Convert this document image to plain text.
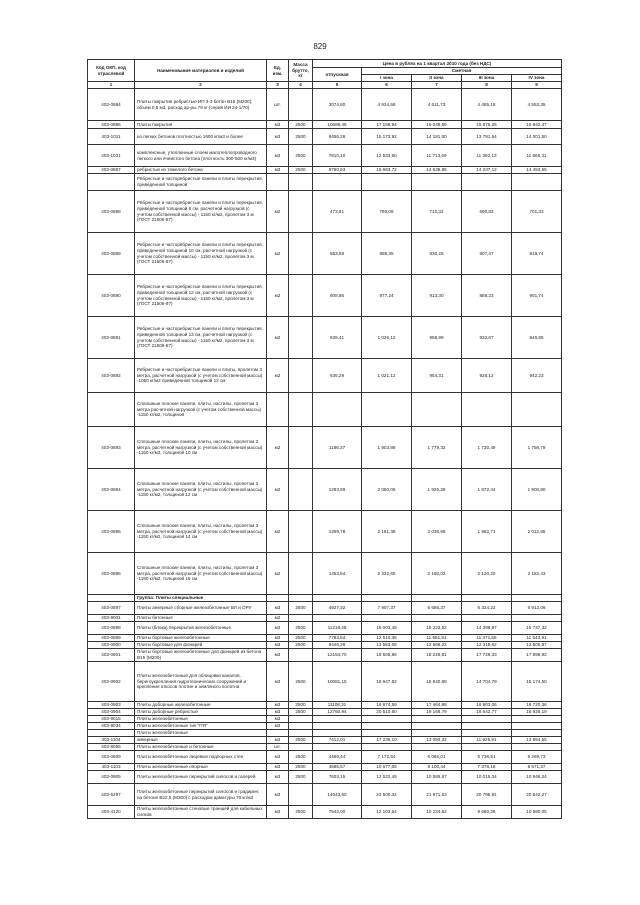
829
Код ОКП, код отраслевой	Наименование материалов и изделий	Ед. изм.	Масса брутто, кг	Цена в рублях на 1 квартал 2010 года (без НДС)				
				отпускная	Сметная			
					I зона	II зона	III зона	IV зона
1	2	3	4	5	6	7	8	9
403-0884	Плиты покрытия ребристые ИП 3-3 бетон В15 (М200), объем 0,6 м3, расход ар-ры 78 кг (серия ИИ 24-1/70)	шт.		3074,80	4 934,58	4 611,73	4 485,18	4 553,35
403-0886	Плиты покрытия	м3	2500	10698,48	17 158,94	16 048,59	15 675,25	15 842,47
403-1011	из легких бетонов плотностью 1600 кг/м3 и более	м3	2500	9456,26	15 173,92	14 181,00	13 791,64	14 001,50
403-1031	комплексные, утепленные слоем малотеплопроводного легкого или ячеистого бетона (плотность 300-500 кг/м3)	м3	2500	7810,10	12 533,60	11 713,59	11 392,13	11 565,31
403-0887	ребристые из тяжелого бетона	м3	2500	9760,53	15 663,72	14 636,85	14 237,12	14 453,55
	Ребристые и часторебристые панели и плиты перекрытия, приведенной толщиной							
403-0888	Ребристые и часторебристые панели и плиты перекрытия, приведенной толщиной 8 см, расчетной нагрузкой (с учетом собственной массы) - 1150 кг/м2, пролетом 3 м (ГОСТ 21506-87)	м2		473,81	760,06	710,32	690,83	701,33
403-0889	Ребристые и часторебристые панели и плиты перекрытия, приведенной толщиной 10 см, расчетной нагрузкой (с учетом собственной массы) - 1150 кг/м2, пролетом 3 м (ГОСТ 21506-87)	м2		553,58	888,35	830,25	807,47	819,74
403-0890	Ребристые и часторебристые панели и плиты перекрытия, приведенной толщиной 12 см, расчетной нагрузкой (с учетом собственной массы) - 1150 кг/м2, пролетом 3 м (ГОСТ 21506-87)	м2		608,95	977,24	913,30	888,23	901,74
403-0891	Ребристые и часторебристые панели и плиты перекрытия, приведенной толщиной 13 см, расчетной нагрузкой (с учетом собственной массы) - 1150 кг/м2, пролетом 3 м (ГОСТ 21506-87)	м2		639,41	1 026,12	958,99	932,67	946,85
403-0892	Ребристые и часторебристые панели и плиты, пролетом 3 метра, расчетной нагрузкой (с учетом собственной массы) -1050 кг/м2 приведенной толщиной 12 см	м2		636,29	1 021,12	954,31	928,12	942,23
	Сплошные плоские панели, плиты, настилы, пролетом 3 метра расчетной нагрузкой (с учетом собственной массы) -1150 кг/м2, толщиной							
403-0893	Сплошные плоские панели, плиты, настилы, пролетом 3 метра, расчетной нагрузкой (с учетом собственной массы) -1150 кг/м2, толщиной 10 см	м2		1186,37	1 903,89	1 779,32	1 730,49	1 756,79
403-0894	Сплошные плоские панели, плиты, настилы, пролетом 3 метра, расчетной нагрузкой (с учетом собственной массы) -1150 кг/м2, толщиной 12 см	м2		1283,69	2 060,06	1 925,28	1 872,44	1 900,90
403-0895	Сплошные плоские панели, плиты, настилы, пролетом 3 метра, расчетной нагрузкой (с учетом собственной массы) -1150 кг/м2, толщиной 14 см	м2		1359,78	2 181,38	2 038,65	1 982,71	2 012,85
403-0896	Сплошные плоские панели, плиты, настилы, пролетом 3 метра, расчетной нагрузкой (с учетом собственной массы) -1150 кг/м2, толщиной 16 см	м2		1453,54	2 332,65	2 180,02	2 120,20	2 152,43
	Группа: Плиты специальные							
403-0897	Плиты анкерные сборные железобетонные ВЛ и ОРУ	м3	2500	4927,32	7 907,37	6 686,37	6 324,22	6 912,06
403-9001	Плиты бетонные	м2						
403-0898	Плиты (блоки) перекрытия железобетонные	м3	2500	11218,48	18 003,45	15 223,52	14 398,97	15 737,32
403-0899	Плиты бортовые железобетонные	м3	2500	7793,54	12 510,46	11 691,91	11 371,55	11 543,91
403-0900	Плиты бортовые для фонарей	м3	2500	8446,28	13 553,08	12 666,22	12 318,62	12 505,87
403-0901	Плиты бортовые железобетонные для фонарей из бетона В15 (М200)	м3		12154,70	19 505,86	18 229,81	17 729,33	17 998,92
403-0902	Плиты железобетонные для облицовки каналов, берегоукрепления гидротехнических сооружений и крепления откосов плотин и земляного полотна	м3	2500	10081,15	16 947,82	15 840,68	14 704,79	15 174,50
403-0903	Плиты доборные железобетонные	м3	2500	11108,31	16 674,59	17 464,88	16 803,06	16 720,36
403-0904	Плиты доборные ребристые	м3	2500	12760,94	20 510,60	19 168,79	18 642,77	18 926,19
403-9015	Плиты железобетонные	м3						
403-9034	Плиты железобетонные тип "ПЯ"	м3						
	Плиты железобетонные							
403-1104	анкерные	м3	2500	7412,01	17 236,10	13 093,32	11 925,91	13 854,55
403-8055	Плиты железобетонные и бетонные	шт.						
403-0609	Плиты железобетонные лицевые подпорных стен	м3	2500	4469,44	7 172,54	6 065,01	5 736,51	6 269,73
403-1103	Плиты железобетонные опорные	м3	2500	4585,57	10 677,06	8 100,44	7 378,18	8 571,37
403-0905	Плиты железобетонные перекрытий силосов и галерей	м3	2500	7603,15	12 522,49	10 586,67	10 015,34	10 946,24
403-5297	Плиты железобетонные перекрытий силосов и градирен: на бетоне В22,5 (М300) с расходом арматуры 70 кг/м3	м3		14643,60	23 500,34	21 971,63	20 795,91	20 542,27
403-4120	Плиты железобетонные стеновые траншей для кабельных силков	м3	2500	7542,00	12 103,54	10 234,62	9 680,28	10 580,05
